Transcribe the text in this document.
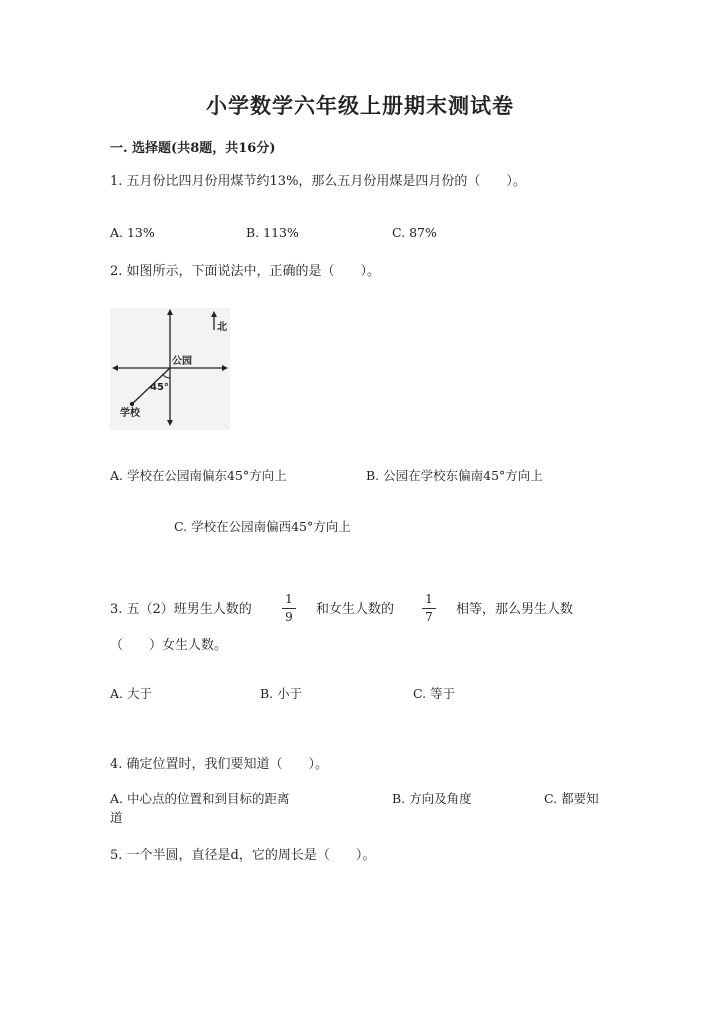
小学数学六年级上册期末测试卷
一. 选择题(共8题，共16分)
1. 五月份比四月份用煤节约13%，那么五月份用煤是四月份的（　　）。
A. 13%	B. 113%	C. 87%
2. 如图所示，下面说法中，正确的是（　　）。
北
公园
45°
学校
A. 学校在公园南偏东45°方向上	B. 公园在学校东偏南45°方向上
C. 学校在公园南偏西45°方向上
3. 五（2）班男生人数的
1
9 和女生人数的
1
7 相等，那么男生人数
（　　）女生人数。
A. 大于	B. 小于	C. 等于
4. 确定位置时，我们要知道（　　）。
A. 中心点的位置和到目标的距离	B. 方向及角度	C. 都要知
道
5. 一个半圆，直径是d，它的周长是（　　）。
